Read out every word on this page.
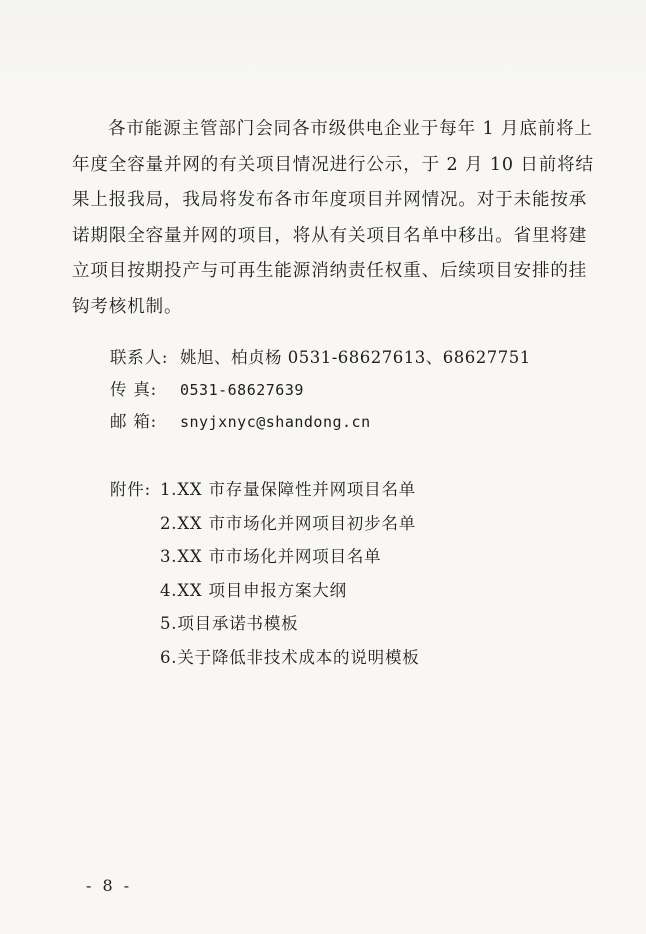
各市能源主管部门会同各市级供电企业于每年 1 月底前将上
年度全容量并网的有关项目情况进行公示，于 2 月 10 日前将结
果上报我局，我局将发布各市年度项目并网情况。对于未能按承
诺期限全容量并网的项目，将从有关项目名单中移出。省里将建
立项目按期投产与可再生能源消纳责任权重、后续项目安排的挂
钩考核机制。
联系人: 姚旭、柏贞杨 0531-68627613、68627751
传 真:	0531-68627639
邮 箱:	snyjxnyc@shandong.cn
附件: 1.XX 市存量保障性并网项目名单
2.XX 市市场化并网项目初步名单
3.XX 市市场化并网项目名单
4.XX 项目申报方案大纲
5.项目承诺书模板
6.关于降低非技术成本的说明模板
- 8 -
